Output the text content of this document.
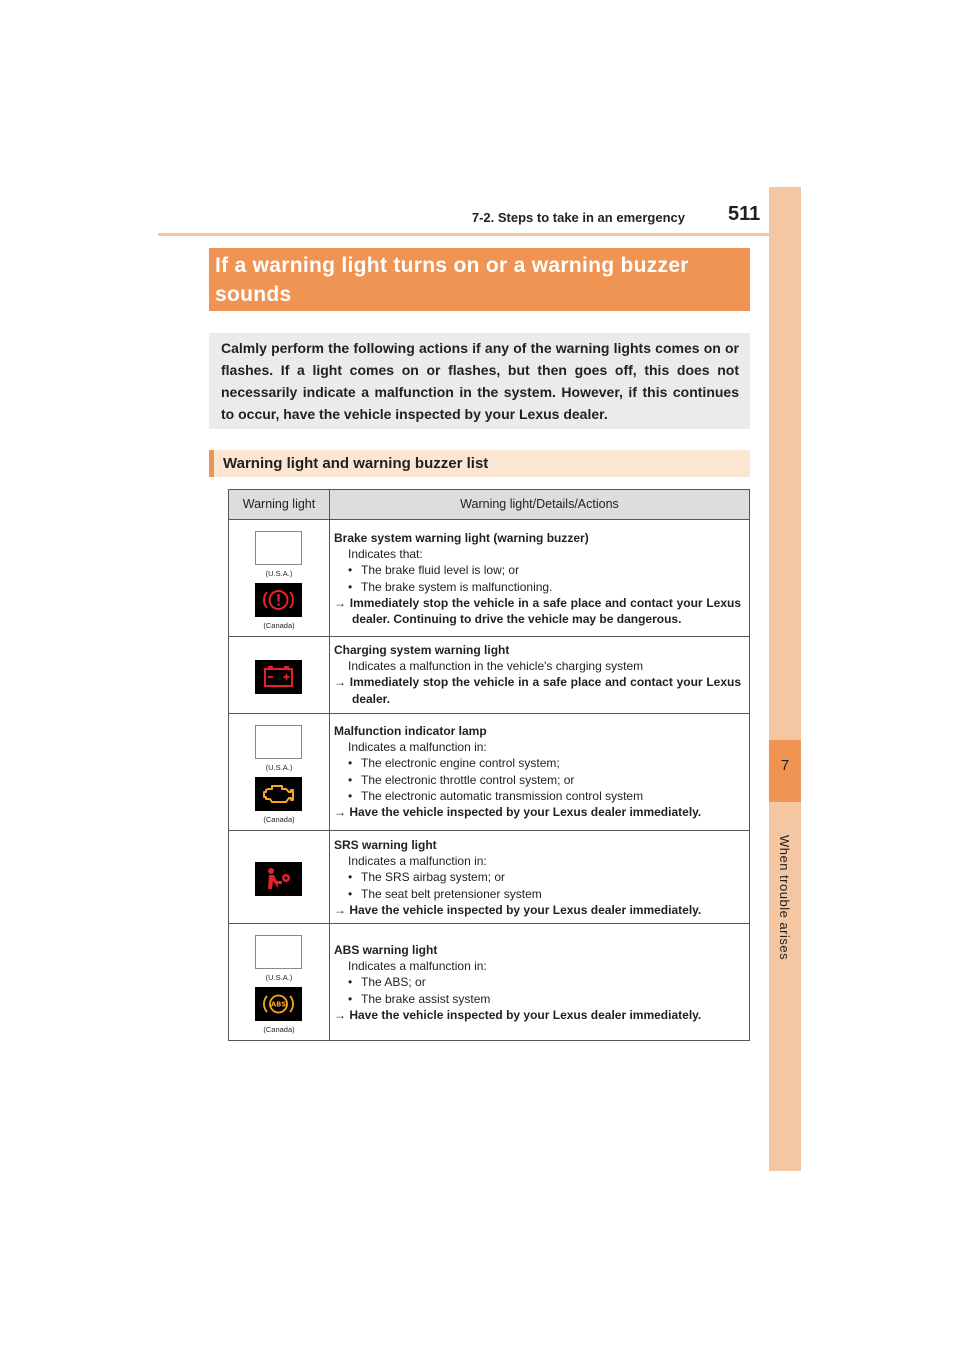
7
When trouble arises
7-2. Steps to take in an emergency 511
If a warning light turns on or a warning buzzer sounds
Calmly perform the following actions if any of the warning lights comes on or flashes. If a light comes on or flashes, but then goes off, this does not necessarily indicate a malfunction in the system. However, if this continues to occur, have the vehicle inspected by your Lexus dealer.
Warning light and warning buzzer list
Warning light	Warning light/Details/Actions
(U.S.A.)
(Canada)
Brake system warning light (warning buzzer)
Indicates that:
• The brake fluid level is low; or
• The brake system is malfunctioning.
→ Immediately stop the vehicle in a safe place and contact your Lexus dealer. Continuing to drive the vehicle may be dangerous.
Charging system warning light
Indicates a malfunction in the vehicle's charging system
→ Immediately stop the vehicle in a safe place and contact your Lexus dealer.
(U.S.A.)
(Canada)
Malfunction indicator lamp
Indicates a malfunction in:
• The electronic engine control system;
• The electronic throttle control system; or
• The electronic automatic transmission control system
→ Have the vehicle inspected by your Lexus dealer immediately.
SRS warning light
Indicates a malfunction in:
• The SRS airbag system; or
• The seat belt pretensioner system
→ Have the vehicle inspected by your Lexus dealer immediately.
(U.S.A.)
ABS
(Canada)
ABS warning light
Indicates a malfunction in:
• The ABS; or
• The brake assist system
→ Have the vehicle inspected by your Lexus dealer immediately.
